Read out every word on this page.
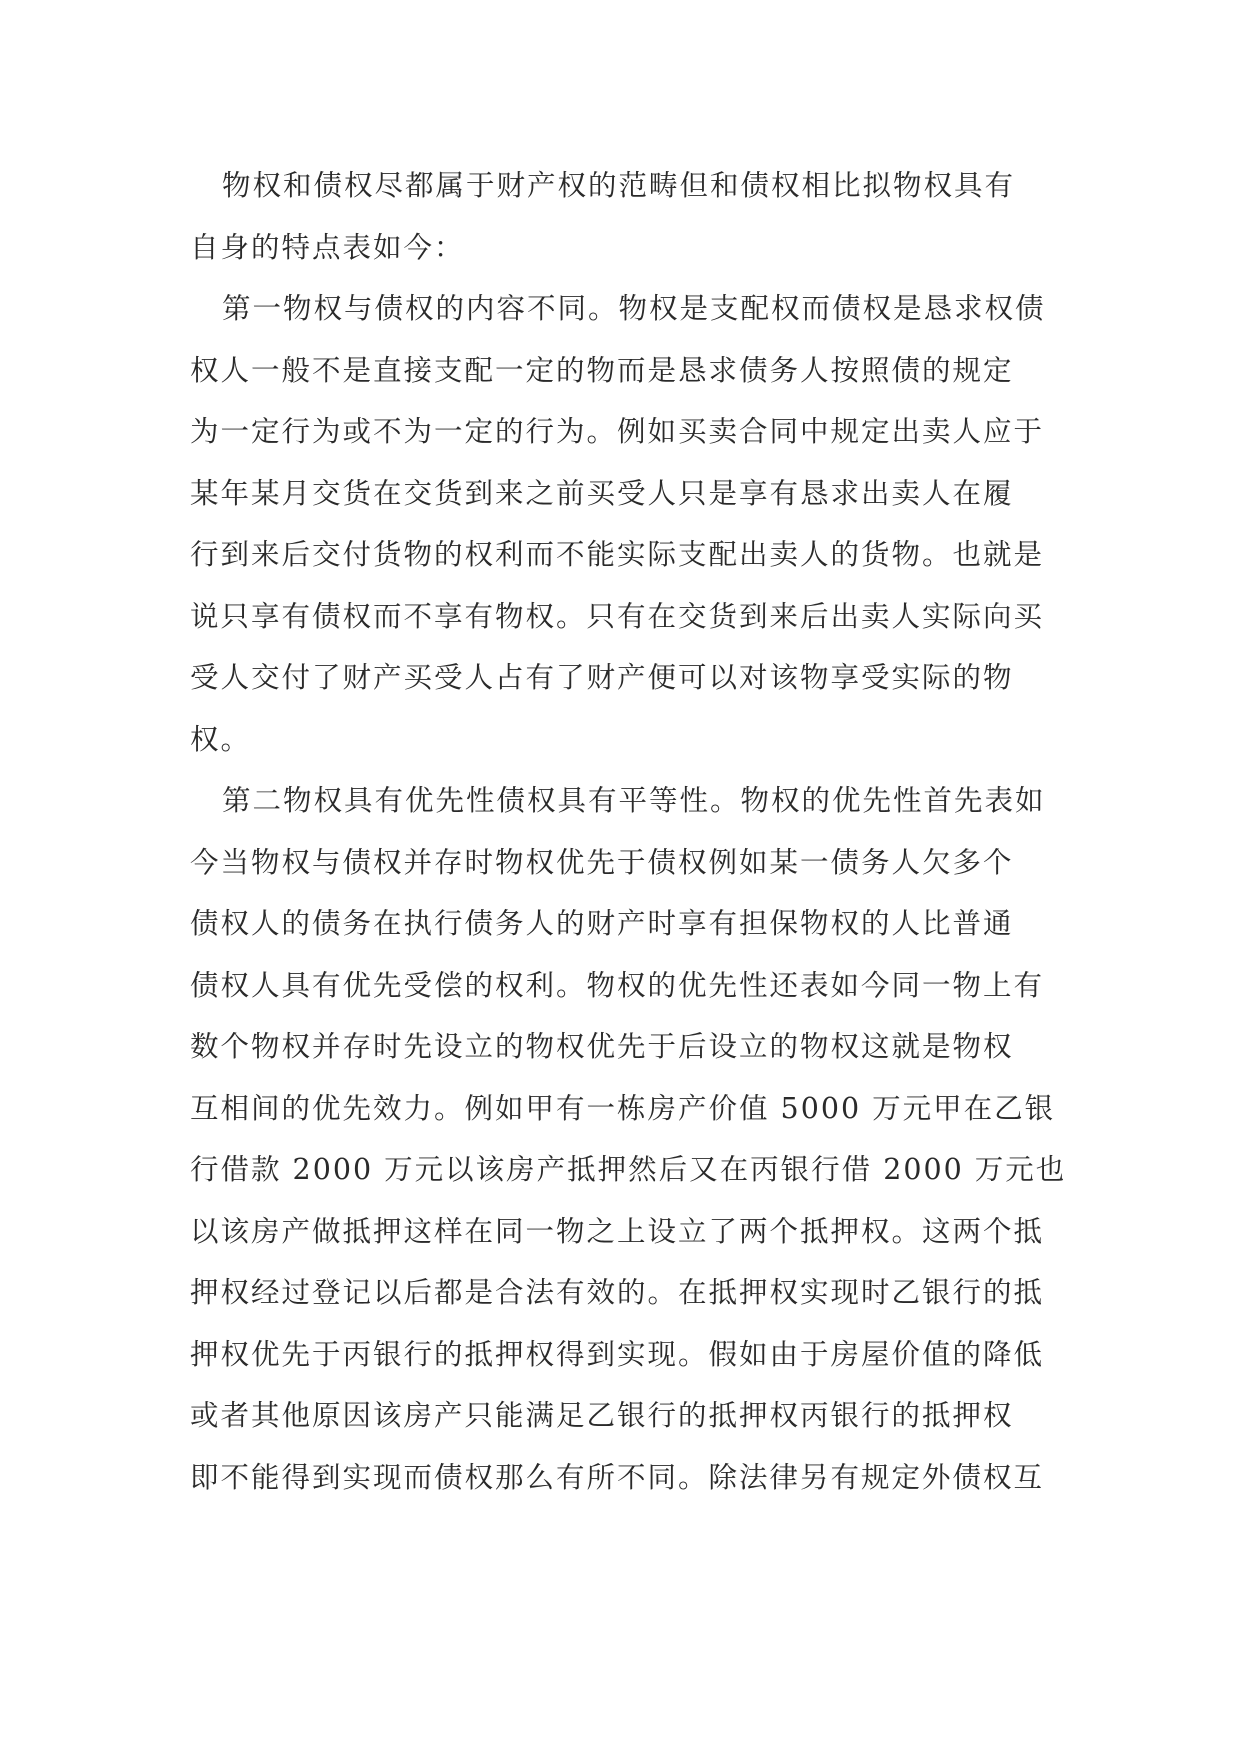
物权和债权尽都属于财产权的范畴但和债权相比拟物权具有
自身的特点表如今：
第一物权与债权的内容不同。物权是支配权而债权是恳求权债
权人一般不是直接支配一定的物而是恳求债务人按照债的规定
为一定行为或不为一定的行为。例如买卖合同中规定出卖人应于
某年某月交货在交货到来之前买受人只是享有恳求出卖人在履
行到来后交付货物的权利而不能实际支配出卖人的货物。也就是
说只享有债权而不享有物权。只有在交货到来后出卖人实际向买
受人交付了财产买受人占有了财产便可以对该物享受实际的物
权。
第二物权具有优先性债权具有平等性。物权的优先性首先表如
今当物权与债权并存时物权优先于债权例如某一债务人欠多个
债权人的债务在执行债务人的财产时享有担保物权的人比普通
债权人具有优先受偿的权利。物权的优先性还表如今同一物上有
数个物权并存时先设立的物权优先于后设立的物权这就是物权
互相间的优先效力。例如甲有一栋房产价值 5000 万元甲在乙银
行借款 2000 万元以该房产抵押然后又在丙银行借 2000 万元也
以该房产做抵押这样在同一物之上设立了两个抵押权。这两个抵
押权经过登记以后都是合法有效的。在抵押权实现时乙银行的抵
押权优先于丙银行的抵押权得到实现。假如由于房屋价值的降低
或者其他原因该房产只能满足乙银行的抵押权丙银行的抵押权
即不能得到实现而债权那么有所不同。除法律另有规定外债权互
